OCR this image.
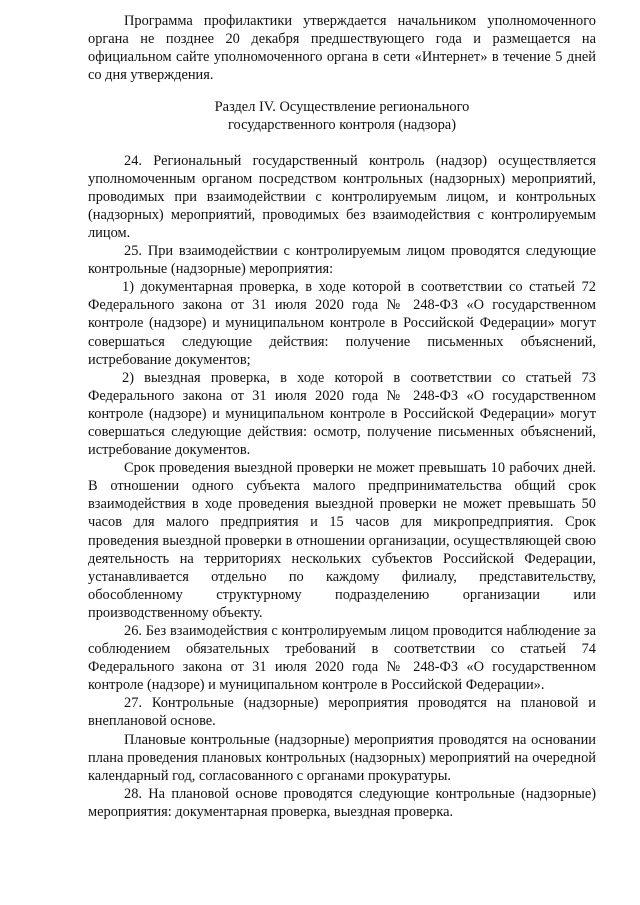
Программа профилактики утверждается начальником уполномоченного органа не позднее 20 декабря предшествующего года и размещается на официальном сайте уполномоченного органа в сети «Интернет» в течение 5 дней со дня утверждения.

Раздел IV. Осуществление регионального
государственного контроля (надзора)

24. Региональный государственный контроль (надзор) осуществляется уполномоченным органом посредством контрольных (надзорных) мероприятий, проводимых при взаимодействии с контролируемым лицом, и контрольных (надзорных) мероприятий, проводимых без взаимодействия с контролируемым лицом.

25. При взаимодействии с контролируемым лицом проводятся следующие контрольные (надзорные) мероприятия:

1) документарная проверка, в ходе которой в соответствии со статьей 72 Федерального закона от 31 июля 2020 года № 248-ФЗ «О государственном контроле (надзоре) и муниципальном контроле в Российской Федерации» могут совершаться следующие действия: получение письменных объяснений, истребование документов;

2) выездная проверка, в ходе которой в соответствии со статьей 73 Федерального закона от 31 июля 2020 года № 248-ФЗ «О государственном контроле (надзоре) и муниципальном контроле в Российской Федерации» могут совершаться следующие действия: осмотр, получение письменных объяснений, истребование документов.

Срок проведения выездной проверки не может превышать 10 рабочих дней. В отношении одного субъекта малого предпринимательства общий срок взаимодействия в ходе проведения выездной проверки не может превышать 50 часов для малого предприятия и 15 часов для микропредприятия. Срок проведения выездной проверки в отношении организации, осуществляющей свою деятельность на территориях нескольких субъектов Российской Федерации, устанавливается отдельно по каждому филиалу, представительству, обособленному структурному подразделению организации или производственному объекту.

26. Без взаимодействия с контролируемым лицом проводится наблюдение за соблюдением обязательных требований в соответствии со статьей 74 Федерального закона от 31 июля 2020 года № 248-ФЗ «О государственном контроле (надзоре) и муниципальном контроле в Российской Федерации».

27. Контрольные (надзорные) мероприятия проводятся на плановой и внеплановой основе.

Плановые контрольные (надзорные) мероприятия проводятся на основании плана проведения плановых контрольных (надзорных) мероприятий на очередной календарный год, согласованного с органами прокуратуры.

28. На плановой основе проводятся следующие контрольные (надзорные) мероприятия: документарная проверка, выездная проверка.
